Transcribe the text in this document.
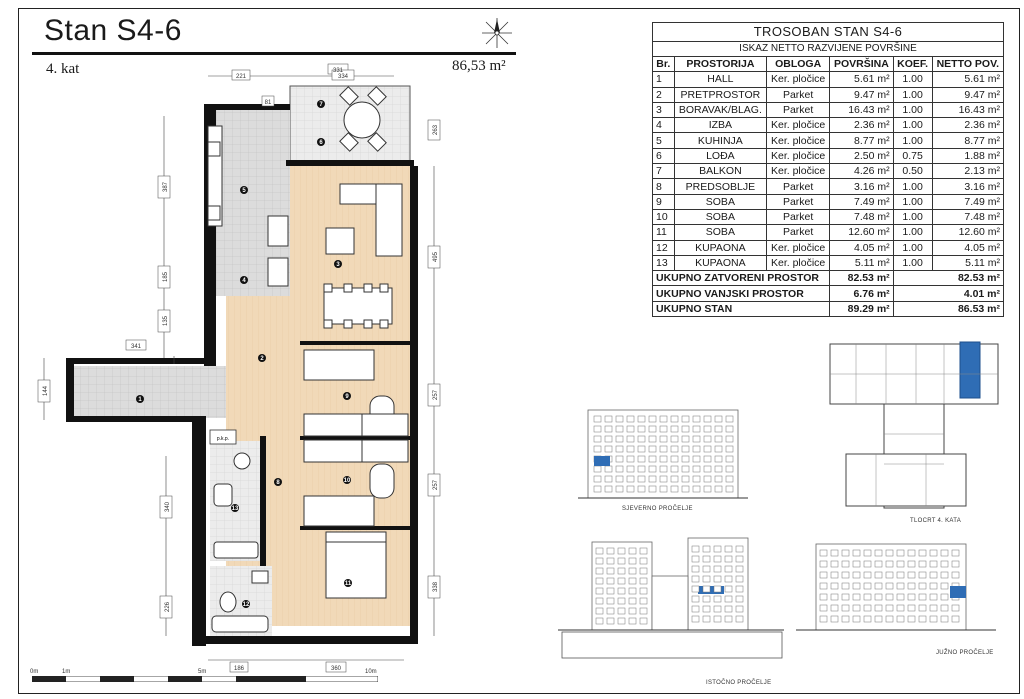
Stan S4-6
4. kat	86,53 m²
p.k.p.
221
331
334
81
263
387
185
135
495
341
144	257
257
340
338
226
186	360
1
2
3
4
5
6
7
8
9
10
11
12
13
0m	1m	5m	10m
TROSOBAN STAN S4-6					
ISKAZ NETTO RAZVIJENE POVRŠINE					
Br.	PROSTORIJA	OBLOGA	POVRŠINA	KOEF.	NETTO POV.
1	HALL	Ker. pločice	5.61 m²	1.00	5.61 m²
2	PRETPROSTOR	Parket	9.47 m²	1.00	9.47 m²
3	BORAVAK/BLAG.	Parket	16.43 m²	1.00	16.43 m²
4	IZBA	Ker. pločice	2.36 m²	1.00	2.36 m²
5	KUHINJA	Ker. pločice	8.77 m²	1.00	8.77 m²
6	LOĐA	Ker. pločice	2.50 m²	0.75	1.88 m²
7	BALKON	Ker. pločice	4.26 m²	0.50	2.13 m²
8	PREDSOBLJE	Parket	3.16 m²	1.00	3.16 m²
9	SOBA	Parket	7.49 m²	1.00	7.49 m²
10	SOBA	Parket	7.48 m²	1.00	7.48 m²
11	SOBA	Parket	12.60 m²	1.00	12.60 m²
12	KUPAONA	Ker. pločice	4.05 m²	1.00	4.05 m²
13	KUPAONA	Ker. pločice	5.11 m²	1.00	5.11 m²
UKUPNO ZATVORENI PROSTOR			82.53 m²	82.53 m²	
UKUPNO VANJSKI PROSTOR			6.76 m²	4.01 m²	
UKUPNO STAN			89.29 m²	86.53 m²	
SJEVERNO PROČELJE
TLOCRT 4. KATA
ISTOČNO PROČELJE
JUŽNO PROČELJE
